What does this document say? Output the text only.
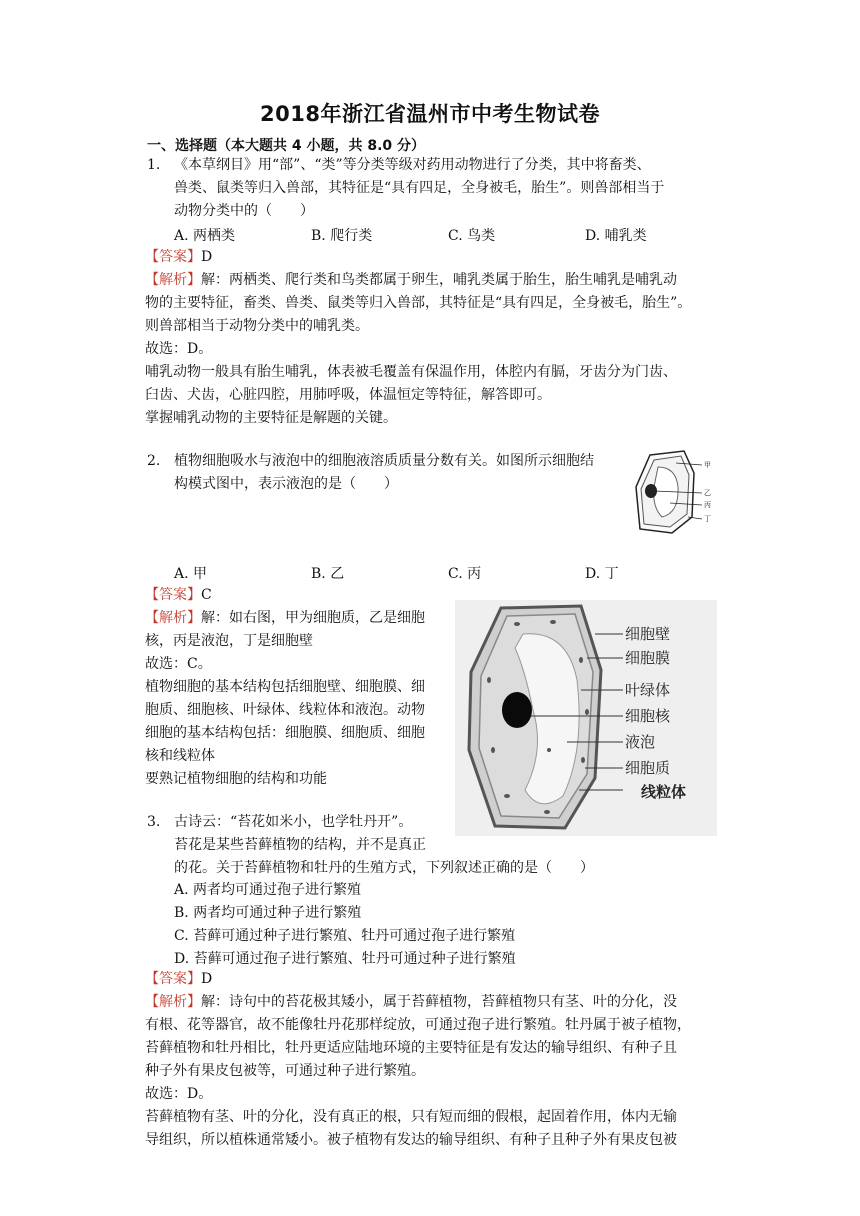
2018年浙江省温州市中考生物试卷
一、选择题（本大题共 4 小题，共 8.0 分）
1. 《本草纲目》用“部”、“类”等分类等级对药用动物进行了分类，其中将畜类、
兽类、鼠类等归入兽部，其特征是“具有四足，全身被毛，胎生”。则兽部相当于
动物分类中的（　　）
A. 两栖类	B. 爬行类	C. 鸟类	D. 哺乳类
【答案】D
【解析】解：两栖类、爬行类和鸟类都属于卵生，哺乳类属于胎生，胎生哺乳是哺乳动
物的主要特征，畜类、兽类、鼠类等归入兽部，其特征是“具有四足，全身被毛，胎生”。
则兽部相当于动物分类中的哺乳类。
故选：D。
哺乳动物一般具有胎生哺乳，体表被毛覆盖有保温作用，体腔内有膈，牙齿分为门齿、
臼齿、犬齿，心脏四腔，用肺呼吸，体温恒定等特征，解答即可。
掌握哺乳动物的主要特征是解题的关键。
2. 植物细胞吸水与液泡中的细胞液溶质质量分数有关。如图所示细胞结
构模式图中，表示液泡的是（　　）
甲
乙
丙
丁
A. 甲	B. 乙	C. 丙	D. 丁
【答案】C
【解析】解：如右图，甲为细胞质，乙是细胞
核，丙是液泡，丁是细胞壁
故选：C。
植物细胞的基本结构包括细胞壁、细胞膜、细
胞质、细胞核、叶绿体、线粒体和液泡。动物
细胞的基本结构包括：细胞膜、细胞质、细胞
核和线粒体
要熟记植物细胞的结构和功能
细胞壁
细胞膜
叶绿体
细胞核
液泡
细胞质
线粒体
3. 古诗云：“苔花如米小，也学牡丹开”。
苔花是某些苔藓植物的结构，并不是真正
的花。关于苔藓植物和牡丹的生殖方式，下列叙述正确的是（　　）
A. 两者均可通过孢子进行繁殖
B. 两者均可通过种子进行繁殖
C. 苔藓可通过种子进行繁殖、牡丹可通过孢子进行繁殖
D. 苔藓可通过孢子进行繁殖、牡丹可通过种子进行繁殖
【答案】D
【解析】解：诗句中的苔花极其矮小，属于苔藓植物，苔藓植物只有茎、叶的分化，没
有根、花等器官，故不能像牡丹花那样绽放，可通过孢子进行繁殖。牡丹属于被子植物，
苔藓植物和牡丹相比，牡丹更适应陆地环境的主要特征是有发达的输导组织、有种子且
种子外有果皮包被等，可通过种子进行繁殖。
故选：D。
苔藓植物有茎、叶的分化，没有真正的根，只有短而细的假根，起固着作用，体内无输
导组织，所以植株通常矮小。被子植物有发达的输导组织、有种子且种子外有果皮包被
